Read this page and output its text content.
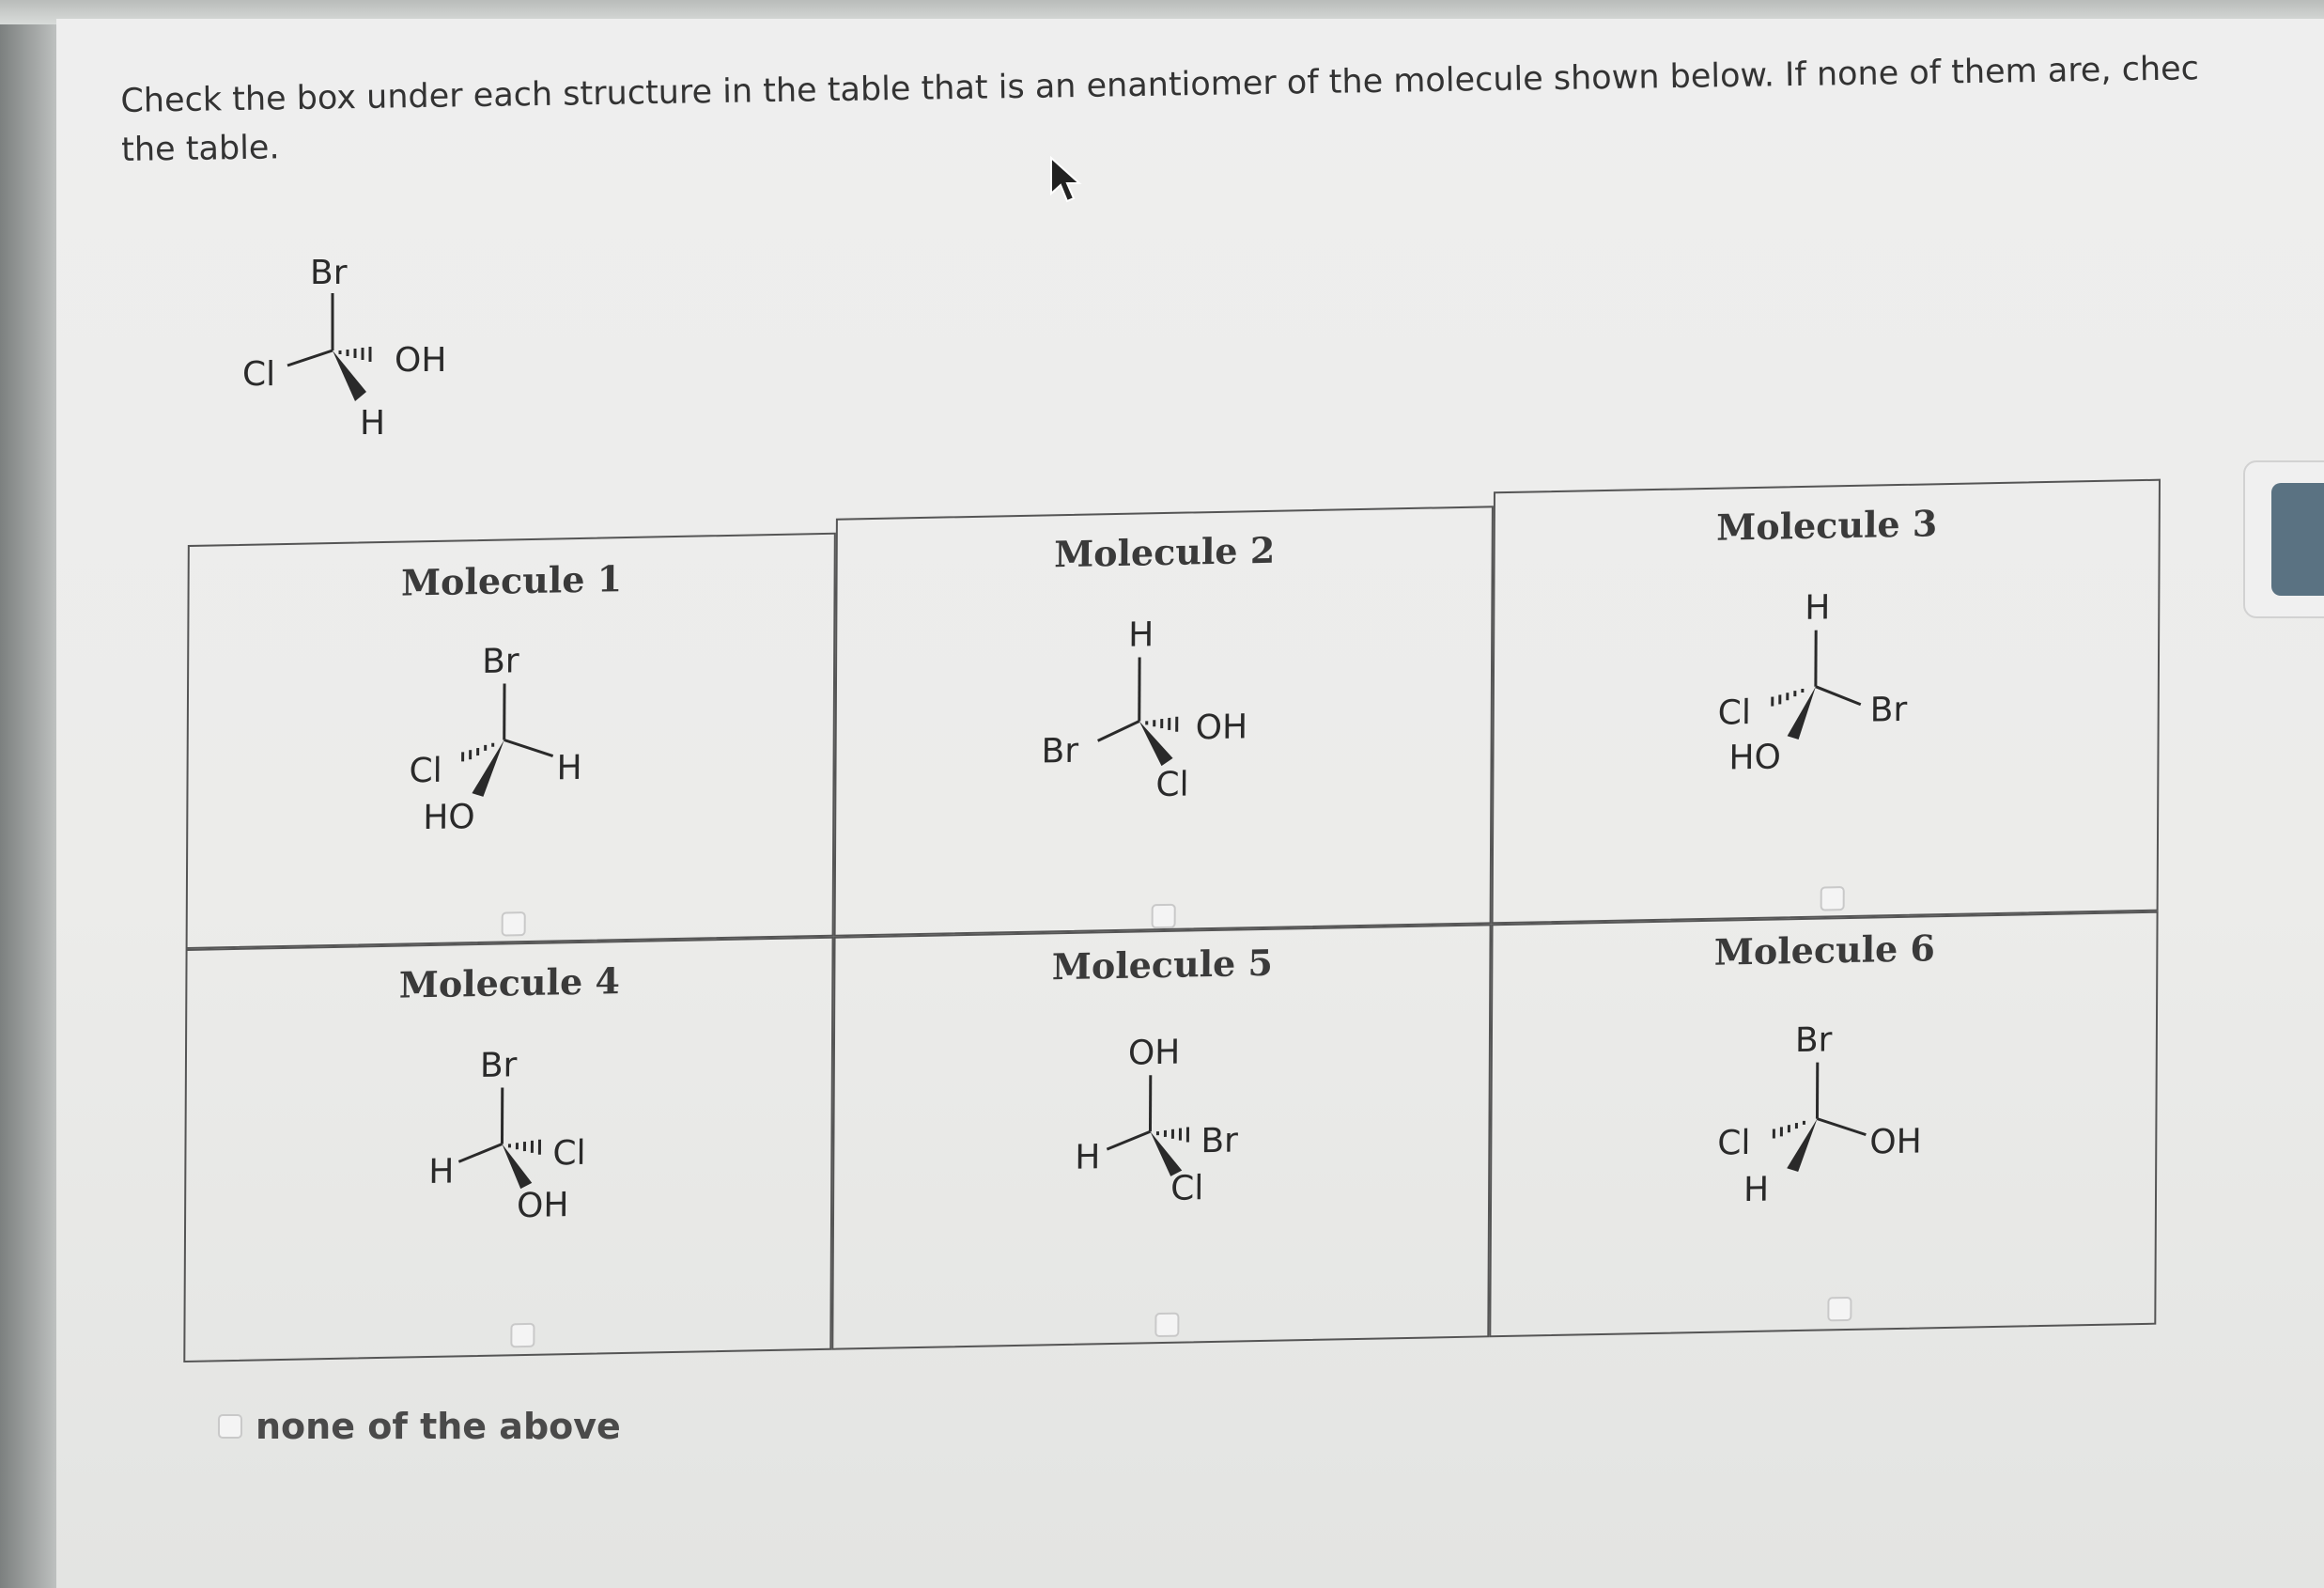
Check the box under each structure in the table that is an enantiomer of the molecule shown below. If none of them are, chec
the table.
Br
Cl	OH
H
Molecule 1
Br
H
Cl
HO
Molecule 2
H
Br
OH
Cl
Molecule 3
H
Br
Cl
HO
Molecule 4
Br
H	Cl
OH
Molecule 5
OH
H	Br
Cl
Molecule 6
Br
OH
Cl
H
none of the above
